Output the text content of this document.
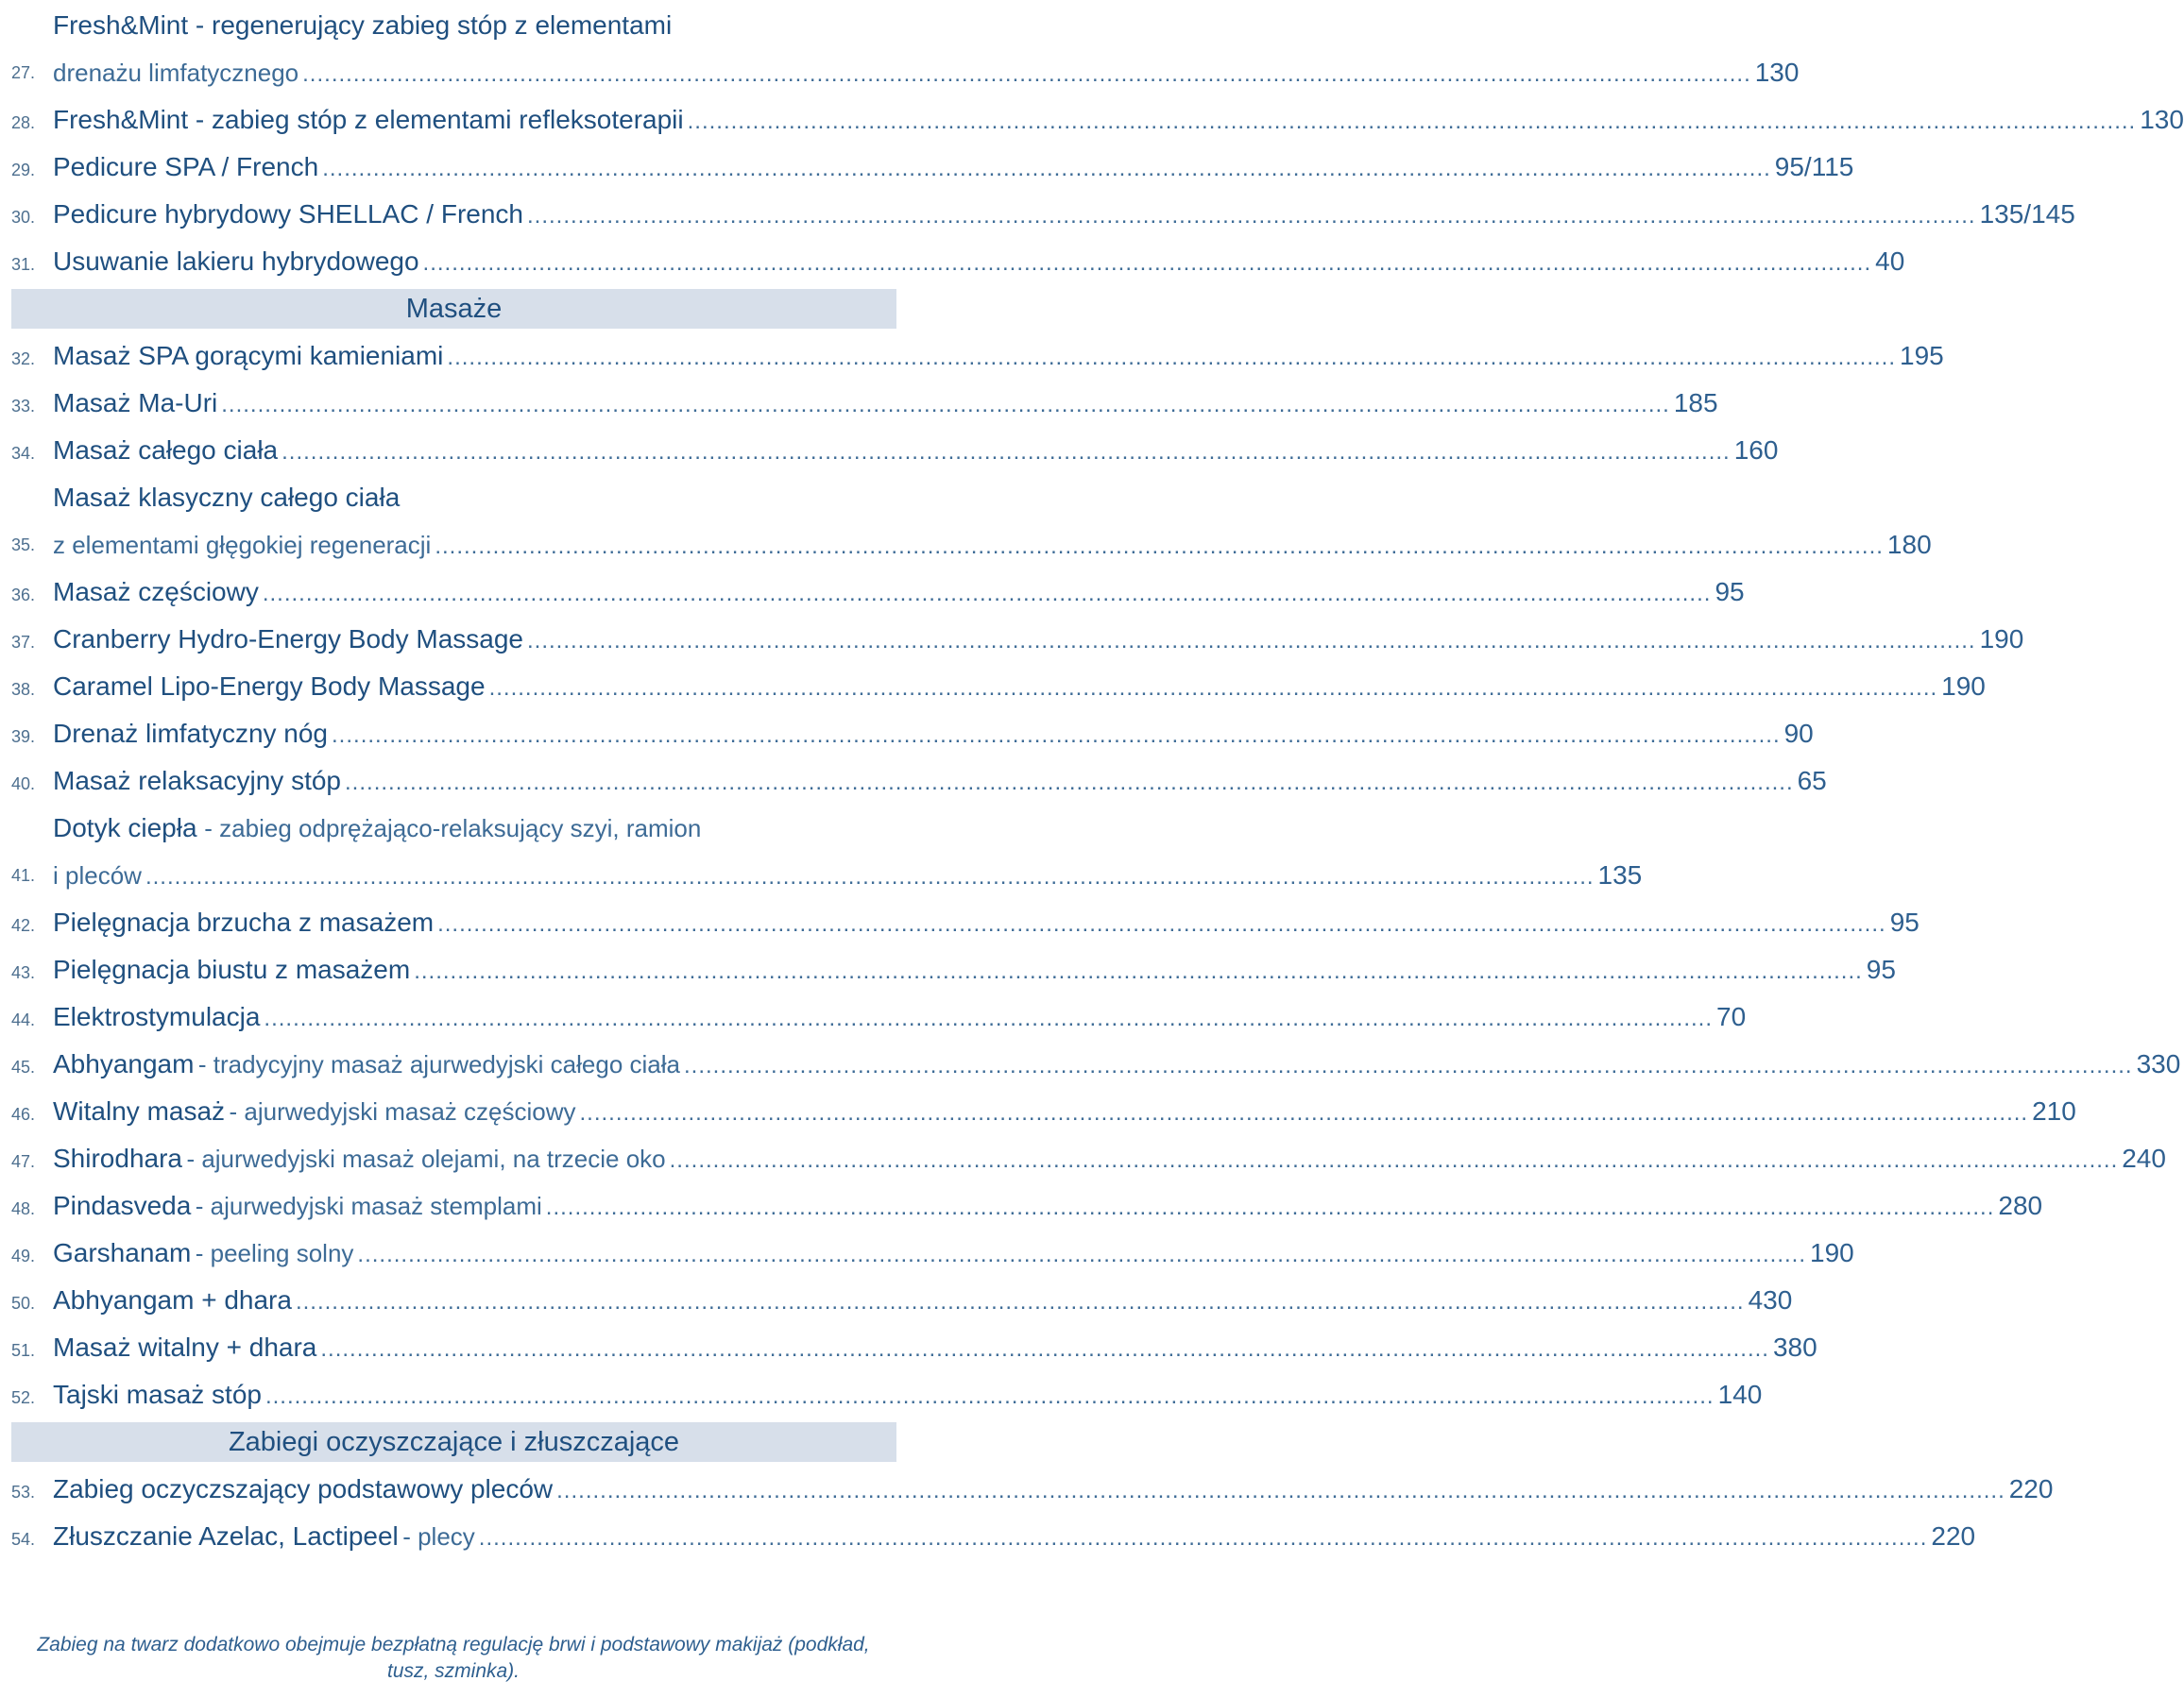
27.
Fresh&Mint - regenerujący zabieg stóp z elementami
drenażu limfatycznego ........................................................................................................................................................................................................ 130
28. Fresh&Mint - zabieg stóp z elementami refleksoterapii ........................................................................................................................................................................................................ 130
29. Pedicure SPA / French ........................................................................................................................................................................................................ 95/115
30. Pedicure hybrydowy SHELLAC / French ........................................................................................................................................................................................................ 135/145
31. Usuwanie lakieru hybrydowego ........................................................................................................................................................................................................ 40
Masaże
32. Masaż SPA gorącymi kamieniami ........................................................................................................................................................................................................ 195
33. Masaż Ma-Uri ........................................................................................................................................................................................................ 185
34. Masaż całego ciała ........................................................................................................................................................................................................ 160
35.
Masaż klasyczny całego ciała
z elementami głęgokiej regeneracji ........................................................................................................................................................................................................ 180
36. Masaż częściowy ........................................................................................................................................................................................................ 95
37. Cranberry Hydro-Energy Body Massage ........................................................................................................................................................................................................ 190
38. Caramel Lipo-Energy Body Massage ........................................................................................................................................................................................................ 190
39. Drenaż limfatyczny nóg ........................................................................................................................................................................................................ 90
40. Masaż relaksacyjny stóp ........................................................................................................................................................................................................ 65
41.
Dotyk ciepła - zabieg odprężająco-relaksujący szyi, ramion
i pleców ........................................................................................................................................................................................................ 135
42. Pielęgnacja brzucha z masażem ........................................................................................................................................................................................................ 95
43. Pielęgnacja biustu z masażem ........................................................................................................................................................................................................ 95
44. Elektrostymulacja ........................................................................................................................................................................................................ 70
45. Abhyangam
- tradycyjny masaż ajurwedyjski całego ciała ........................................................................................................................................................................................................ 330
46. Witalny masaż
- ajurwedyjski masaż częściowy ........................................................................................................................................................................................................ 210
47. Shirodhara
- ajurwedyjski masaż olejami, na trzecie oko ........................................................................................................................................................................................................ 240
48. Pindasveda
- ajurwedyjski masaż stemplami ........................................................................................................................................................................................................ 280
49. Garshanam
- peeling solny ........................................................................................................................................................................................................ 190
50. Abhyangam + dhara ........................................................................................................................................................................................................ 430
51. Masaż witalny + dhara ........................................................................................................................................................................................................ 380
52. Tajski masaż stóp ........................................................................................................................................................................................................ 140
Zabiegi oczyszczające i złuszczające
53. Zabieg oczyczszający podstawowy pleców ........................................................................................................................................................................................................ 220
54. Złuszczanie Azelac, Lactipeel
- plecy ........................................................................................................................................................................................................ 220
Zabieg na twarz dodatkowo obejmuje bezpłatną regulację brwi i podstawowy makijaż (podkład, tusz, szminka).
